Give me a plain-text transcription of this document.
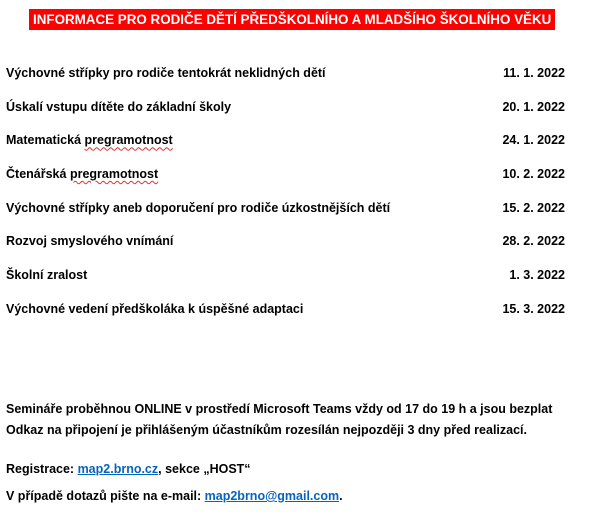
INFORMACE PRO RODIČE DĚTÍ PŘEDŠKOLNÍHO A MLADŠÍHO ŠKOLNÍHO VĚKU
Výchovné střípky pro rodiče tentokrát neklidných dětí	11. 1. 2022
Úskalí vstupu dítěte do základní školy	20. 1. 2022
Matematická pregramotnost	24. 1. 2022
Čtenářská pregramotnost	10. 2. 2022
Výchovné střípky aneb doporučení pro rodiče úzkostnějších dětí	15. 2. 2022
Rozvoj smyslového vnímání	28. 2. 2022
Školní zralost	1. 3. 2022
Výchovné vedení předškoláka k úspěšné adaptaci	15. 3. 2022
Semináře proběhnou ONLINE v prostředí Microsoft Teams vždy od 17 do 19 h a jsou bezplat
Odkaz na připojení je přihlášeným účastníkům rozesílán nejpozději 3 dny před realizací.
Registrace: map2.brno.cz, sekce „HOST“
V případě dotazů pište na e-mail: map2brno@gmail.com.
